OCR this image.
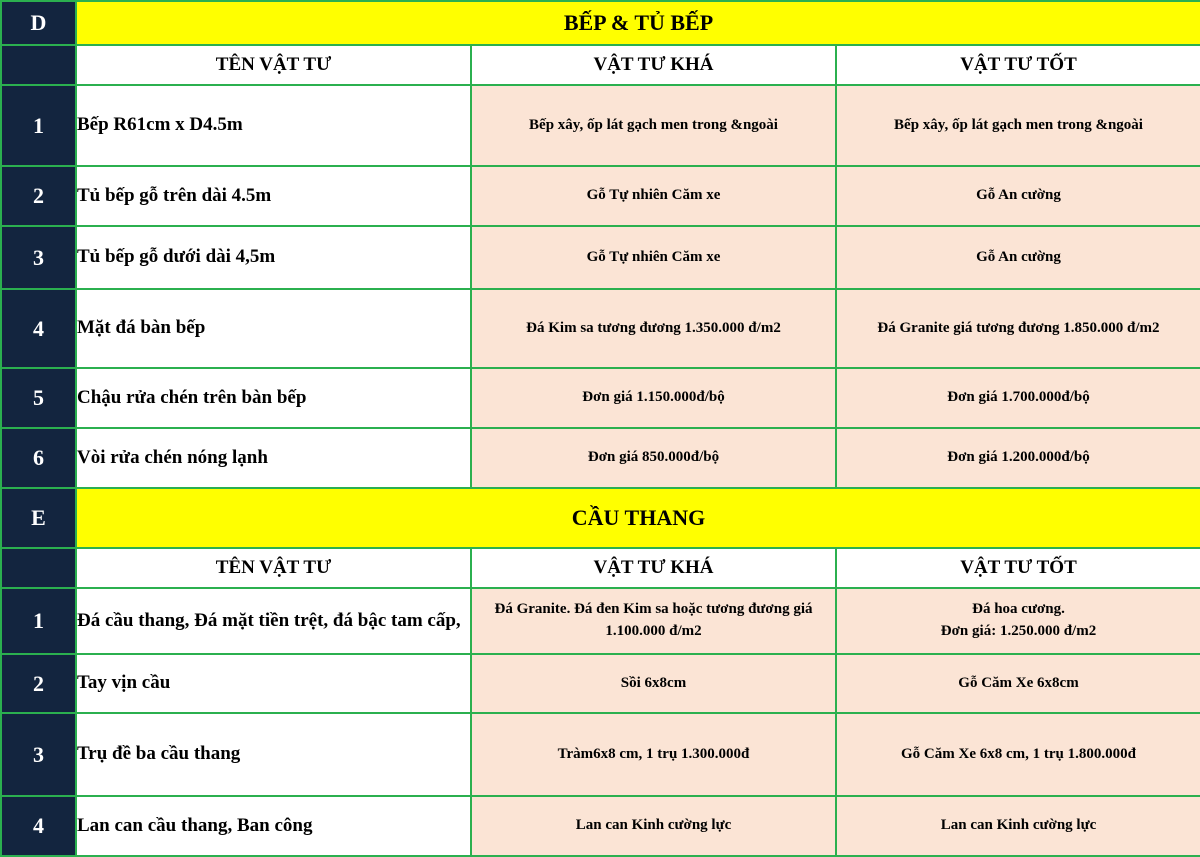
D	BẾP & TỦ BẾP		
	TÊN VẬT TƯ	VẬT TƯ KHÁ	VẬT TƯ TỐT
1	Bếp R61cm x D4.5m	Bếp xây, ốp lát gạch men trong &ngoài	Bếp xây, ốp lát gạch men trong &ngoài
2	Tủ bếp gỗ trên dài 4.5m	Gỗ Tự nhiên Căm xe	Gỗ An cường
3	Tủ bếp gỗ dưới dài 4,5m	Gỗ Tự nhiên Căm xe	Gỗ An cường
4	Mặt đá bàn bếp	Đá Kim sa tương đương 1.350.000 đ/m2	Đá Granite giá tương đương 1.850.000 đ/m2
5	Chậu rửa chén trên bàn bếp	Đơn giá 1.150.000đ/bộ	Đơn giá 1.700.000đ/bộ
6	Vòi rửa chén nóng lạnh	Đơn giá 850.000đ/bộ	Đơn giá 1.200.000đ/bộ
E	CẦU THANG		
	TÊN VẬT TƯ	VẬT TƯ KHÁ	VẬT TƯ TỐT
1	Đá cầu thang, Đá mặt tiền trệt, đá bậc tam cấp,	Đá Granite. Đá đen Kim sa hoặc tương đương giá 1.100.000 đ/m2	Đá hoa cương.
Đơn giá: 1.250.000 đ/m2

2	Tay vịn cầu	Sồi 6x8cm	Gỗ Căm Xe 6x8cm
3	Trụ đề ba cầu thang	Tràm6x8 cm, 1 trụ 1.300.000đ	Gỗ Căm Xe 6x8 cm, 1 trụ 1.800.000đ
4	Lan can cầu thang, Ban công	Lan can Kinh cường lực	Lan can Kinh cường lực
